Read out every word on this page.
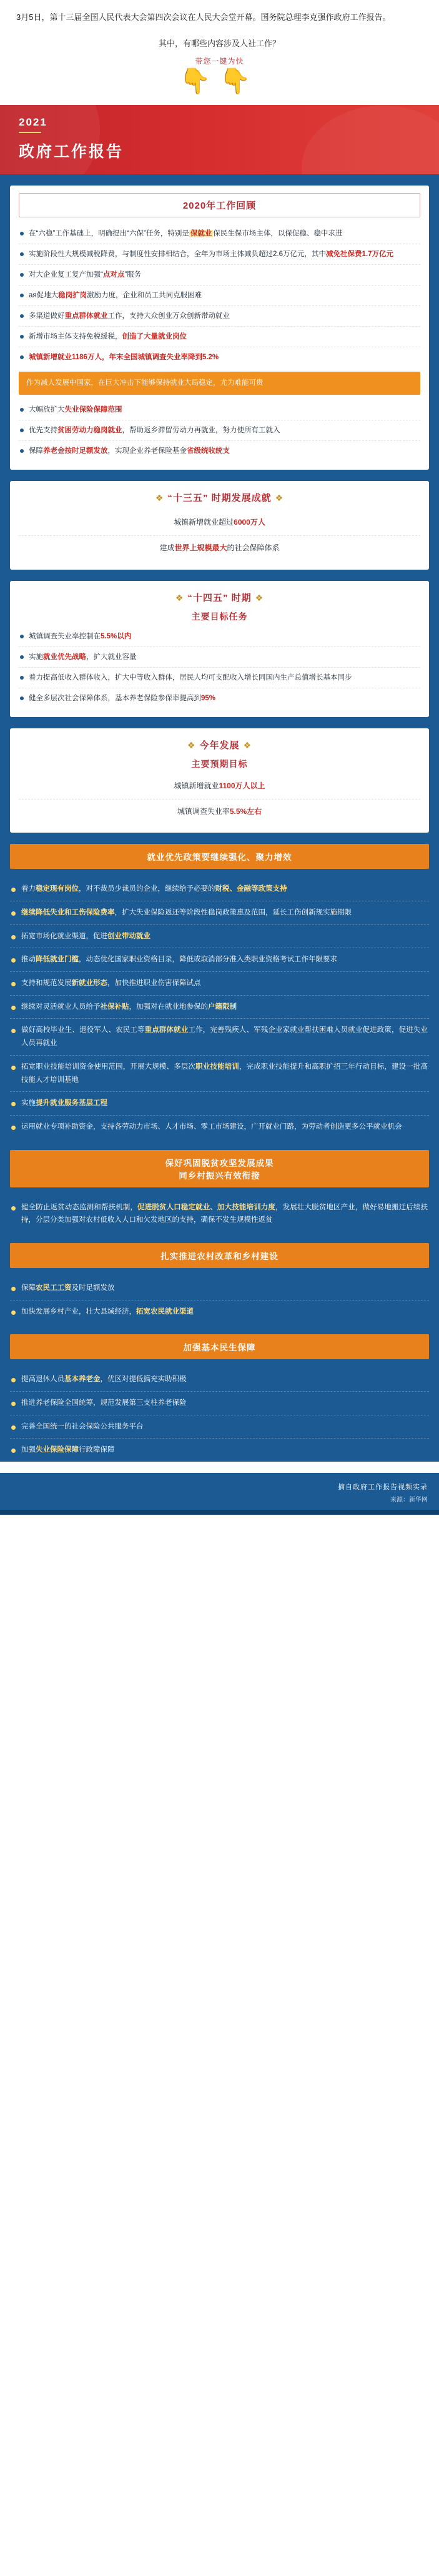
3月5日，第十三届全国人民代表大会第四次会议在人民大会堂开幕。国务院总理李克强作政府工作报告。

其中，有哪些内容涉及人社工作？
带您一键为快
👇👇
2021
政府工作报告
2020年工作回顾
在“六稳”工作基础上，明确提出“六保”任务，特别是 保就业 保民生保市场主体，以保促稳、稳中求进
实施阶段性大规模减税降费，与制度性安排相结合，全年为市场主体减负超过2.6万亿元，其中减免社保费1.7万亿元
对大企业复工复产加强“点对点”服务
ая促地大稳岗扩岗激励力度，企业和员工共同克服困难
多渠道做好重点群体就业工作，支持大众创业万众创新带动就业
新增市场主体支持免税缓税，创造了大量就业岗位
城镇新增就业1186万人，年末全国城镇调查失业率降到5.2%
作为减人发展中国家，在巨大冲击下能够保持就业大局稳定，尤为难能可贵
大幅放扩大失业保险保障范围
优先支持贫困劳动力稳岗就业，帮助返乡滞留劳动力再就业，努力使所有工就入
保障养老金按时足额发放，实现企业养老保险基金省级统收统支
❖ “十三五” 时期发展成就 ❖
城镇新增就业超过6000万人
建成世界上规模最大的社会保障体系
❖ “十四五” 时期 ❖
主要目标任务
城镇调查失业率控制在5.5%以内
实施就业优先战略，扩大就业容量
着力提高低收入群体收入，扩大中等收入群体，居民人均可支配收入增长同国内生产总值增长基本同步
健全多层次社会保障体系，基本养老保险参保率提高到95%
❖ 今年发展 ❖
主要预期目标
城镇新增就业1100万人以上
城镇调查失业率5.5%左右
就业优先政策要继续强化、聚力增效
着力稳定现有岗位，对不裁员少裁员的企业，继续给予必要的财税、金融等政策支持
继续降低失业和工伤保险费率，扩大失业保险返还等阶段性稳岗政策惠及范围，延长工伤创新规实施期限
拓宽市场化就业渠道，促进创业带动就业
推动降低就业门槛，动态优化国家职业资格目录，降低或取消部分准入类职业资格考试工作年限要求
支持和规范发展新就业形态，加快推进职业伤害保障试点
继续对灵活就业人员给予社保补贴，加强对在就业地参保的户籍限制
做好高校毕业生、退役军人、农民工等重点群体就业工作，完善残疾人、军残企业家就业帮扶困难人员就业促进政策，促进失业人员再就业
拓宽职业技能培训资金使用范围，开展大规模、多层次职业技能培训，完成职业技能提升和高职扩招三年行动目标，建设一批高技能人才培训基地
实施提升就业服务基层工程
运用就业专项补助资金，支持各劳动力市场、人才市场、零工市场建设，广开就业门路，为劳动者创造更多公平就业机会
保好巩固脱贫攻坚发展成果
同乡村振兴有效衔接
健全防止返贫动态监测和帮扶机制，促进脱贫人口稳定就业、加大技能培训力度，发展壮大脱贫地区产业，做好易地搬迁后续扶持，分层分类加强对农村低收入人口和欠发地区的支持，确保不发生规模性返贫
扎实推进农村改革和乡村建设
保障农民工工资及时足额发放
加快发展乡村产业，壮大县域经济，拓宽农民就业渠道
加强基本民生保障
提高退休人员基本养老金，优区对提低搞充实助积极
推进养老保险全国统筹，规范发展第三支柱养老保险
完善全国统一的社会保险公共服务平台
加强失业保险保障行政障保障
摘自政府工作报告视频实录
来源：新华网
